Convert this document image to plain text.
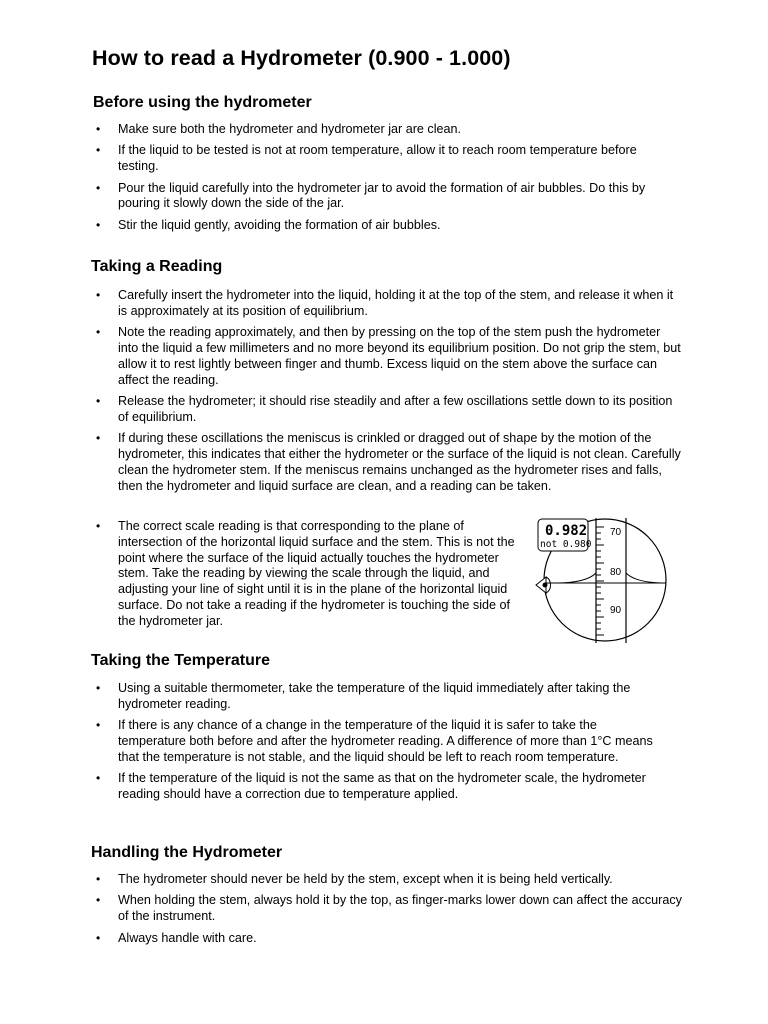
How to read a Hydrometer (0.900 - 1.000)
Before using the hydrometer
• Make sure both the hydrometer and hydrometer jar are clean.
• If the liquid to be tested is not at room temperature, allow it to reach room temperature before testing.
• Pour the liquid carefully into the hydrometer jar to avoid the formation of air bubbles. Do this by pouring it slowly down the side of the jar.
• Stir the liquid gently, avoiding the formation of air bubbles.
Taking a Reading
• Carefully insert the hydrometer into the liquid, holding it at the top of the stem, and release it when it is approximately at its position of equilibrium.
• Note the reading approximately, and then by pressing on the top of the stem push the hydrometer into the liquid a few millimeters and no more beyond its equilibrium position. Do not grip the stem, but allow it to rest lightly between finger and thumb. Excess liquid on the stem above the surface can affect the reading.
• Release the hydrometer; it should rise steadily and after a few oscillations settle down to its position of equilibrium.
• If during these oscillations the meniscus is crinkled or dragged out of shape by the motion of the hydrometer, this indicates that either the hydrometer or the surface of the liquid is not clean. Carefully clean the hydrometer stem. If the meniscus remains unchanged as the hydrometer rises and falls, then the hydrometer and liquid surface are clean, and a reading can be taken.
• The correct scale reading is that corresponding to the plane of intersection of the horizontal liquid surface and the stem. This is not the point where the surface of the liquid actually touches the hydrometer stem. Take the reading by viewing the scale through the liquid, and adjusting your line of sight until it is in the plane of the horizontal liquid surface. Do not take a reading if the hydrometer is touching the side of the hydrometer jar.
70
80
90
0.982
not 0.980
Taking the Temperature
• Using a suitable thermometer, take the temperature of the liquid immediately after taking the hydrometer reading.
• If there is any chance of a change in the temperature of the liquid it is safer to take the temperature both before and after the hydrometer reading. A difference of more than 1°C means that the temperature is not stable, and the liquid should be left to reach room temperature.
• If the temperature of the liquid is not the same as that on the hydrometer scale, the hydrometer reading should have a correction due to temperature applied.
Handling the Hydrometer
• The hydrometer should never be held by the stem, except when it is being held vertically.
• When holding the stem, always hold it by the top, as finger-marks lower down can affect the accuracy of the instrument.
• Always handle with care.
